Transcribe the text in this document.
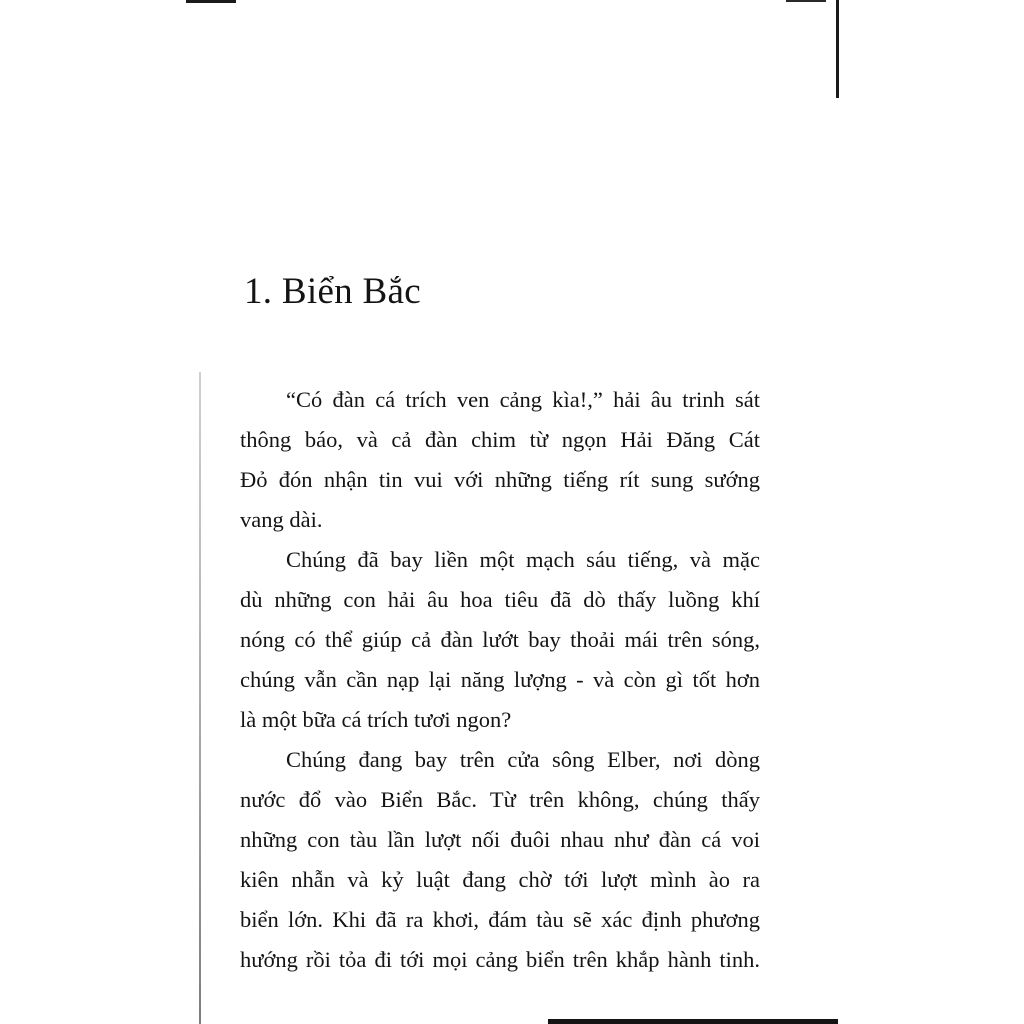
1. Biển Bắc
“Có đàn cá trích ven cảng kìa!,” hải âu trinh sát
thông báo, và cả đàn chim từ ngọn Hải Đăng Cát
Đỏ đón nhận tin vui với những tiếng rít sung sướng
vang dài.
Chúng đã bay liền một mạch sáu tiếng, và mặc
dù những con hải âu hoa tiêu đã dò thấy luồng khí
nóng có thể giúp cả đàn lướt bay thoải mái trên sóng,
chúng vẫn cần nạp lại năng lượng - và còn gì tốt hơn
là một bữa cá trích tươi ngon?
Chúng đang bay trên cửa sông Elber, nơi dòng
nước đổ vào Biển Bắc. Từ trên không, chúng thấy
những con tàu lần lượt nối đuôi nhau như đàn cá voi
kiên nhẫn và kỷ luật đang chờ tới lượt mình ào ra
biển lớn. Khi đã ra khơi, đám tàu sẽ xác định phương
hướng rồi tỏa đi tới mọi cảng biển trên khắp hành tinh.
